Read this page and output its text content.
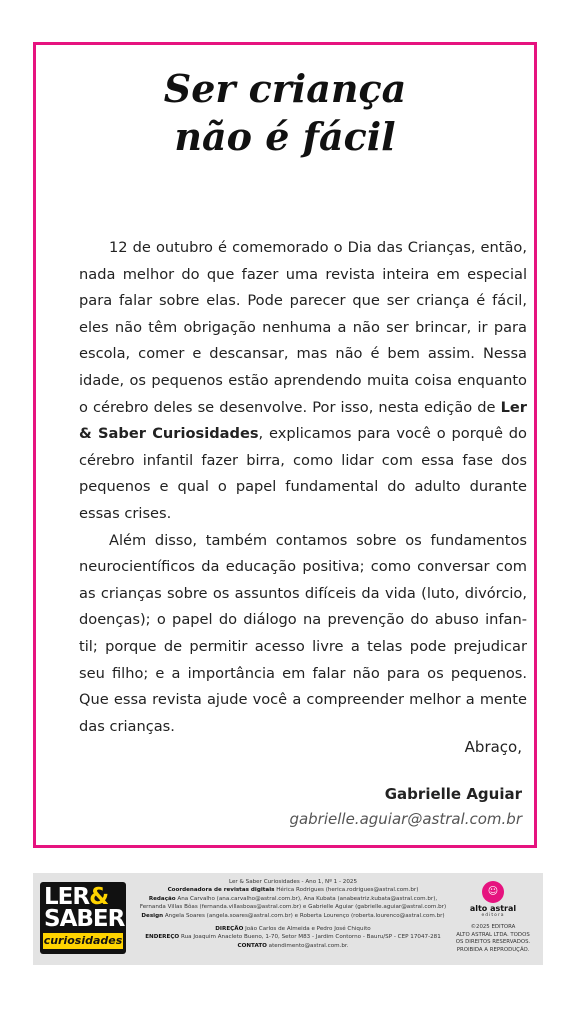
Ser criança
não é fácil

12 de outubro é comemorado o Dia das Crianças, então, nada melhor do que fazer uma revista inteira em especial para falar sobre elas. Pode parecer que ser criança é fácil, eles não têm obrigação nenhuma a não ser brincar, ir para escola, comer e descansar, mas não é bem assim. Nessa idade, os pequenos estão aprendendo muita coisa enquanto o cérebro deles se desenvolve. Por isso, nesta edição de Ler & Saber Curiosidades, explicamos para você o porquê do cérebro infantil fazer birra, como lidar com essa fase dos pequenos e qual o papel fundamental do adulto durante essas crises.

Além disso, também contamos sobre os fundamentos neurocientíficos da educação positiva; como conversar com as crianças sobre os assuntos difíceis da vida (luto, divórcio, doenças); o papel do diálogo na prevenção do abuso infan-til; porque de permitir acesso livre a telas pode prejudicar seu filho; e a importância em falar não para os pequenos. Que essa revista ajude você a compreender melhor a mente das crianças.

Abraço,
Gabrielle Aguiar
gabrielle.aguiar@astral.com.br
LER&
SABER
curiosidades
Ler & Saber Curiosidades - Ano 1, Nº 1 - 2025
Coordenadora de revistas digitais Hérica Rodrigues (herica.rodrigues@astral.com.br)
Redação Ana Carvalho (ana.carvalho@astral.com.br), Ana Kubata (anabeatriz.kubata@astral.com.br),
Fernanda Villas Bôas (fernanda.villasboas@astral.com.br) e Gabrielle Aguiar (gabrielle.aguiar@astral.com.br)
Design Angela Soares (angela.soares@astral.com.br) e Roberta Lourenço (roberta.lourenco@astral.com.br)
DIREÇÃO João Carlos de Almeida e Pedro José Chiquito
ENDEREÇO Rua Joaquim Anacleto Bueno, 1-70, Setor M83 - Jardim Contorno - Bauru/SP - CEP 17047-281
CONTATO atendimento@astral.com.br.
☺
alto astral
editora
©2025 EDITORA
ALTO ASTRAL LTDA. TODOS
OS DIREITOS RESERVADOS.
PROIBIDA A REPRODUÇÃO.
